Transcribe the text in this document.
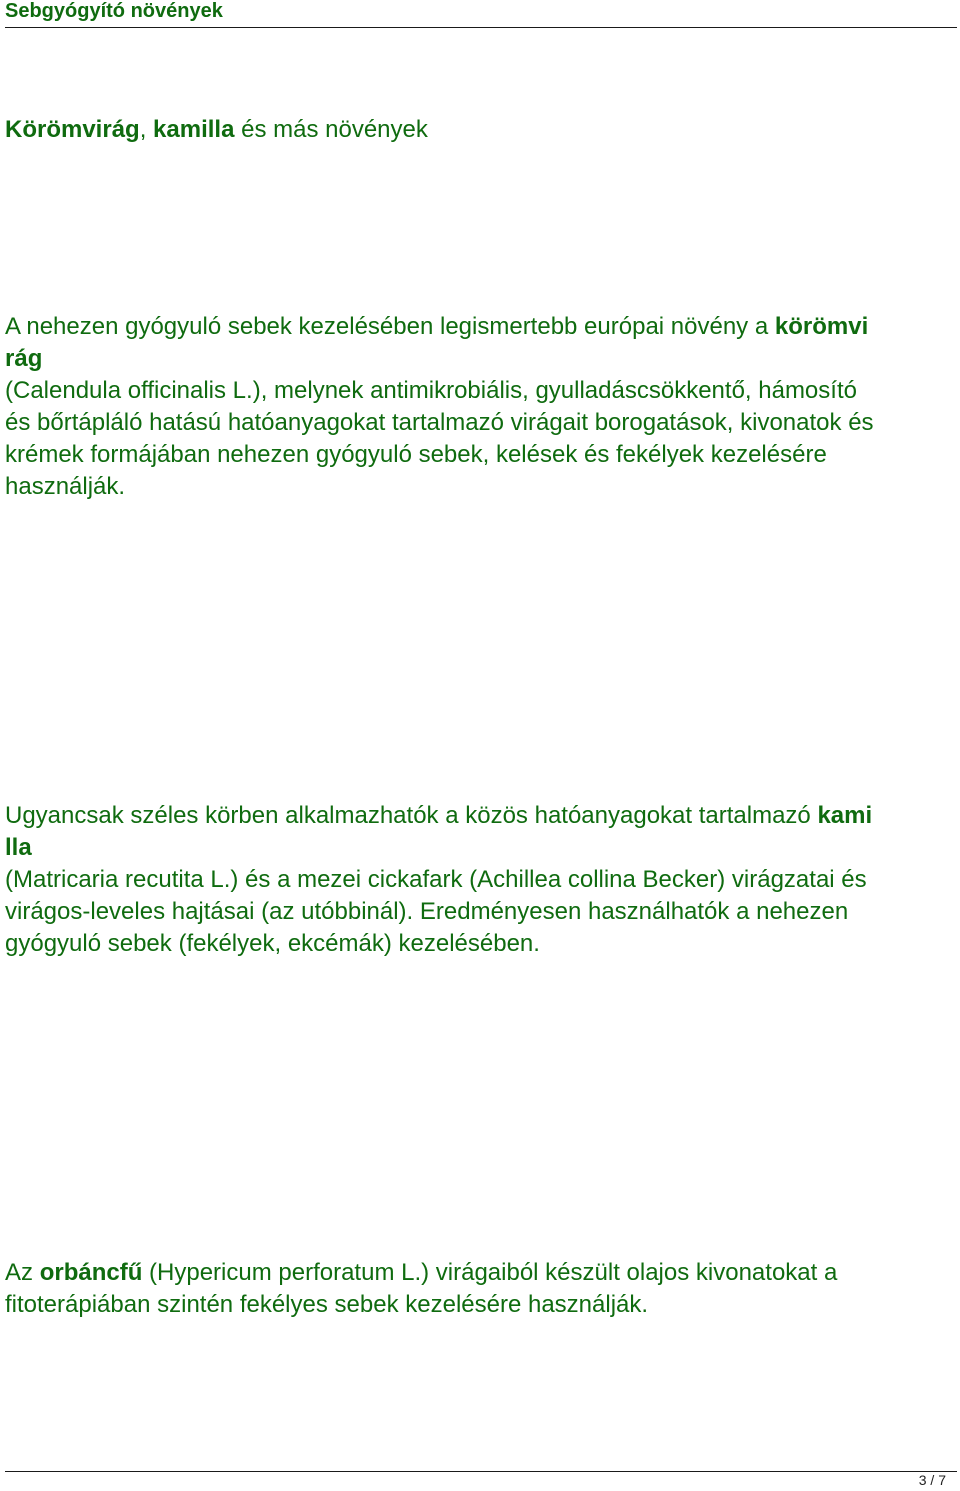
Sebgyógyító növények
Körömvirág, kamilla és más növények
A nehezen gyógyuló sebek kezelésében legismertebb európai növény a körömvi
rág
(Calendula officinalis L.), melynek antimikrobiális, gyulladáscsökkentő, hámosító
és bőrtápláló hatású hatóanyagokat tartalmazó virágait borogatások, kivonatok és
krémek formájában nehezen gyógyuló sebek, kelések és fekélyek kezelésére
használják.
Ugyancsak széles körben alkalmazhatók a közös hatóanyagokat tartalmazó kami
lla
(Matricaria recutita L.) és a mezei cickafark (Achillea collina Becker) virágzatai és
virágos-leveles hajtásai (az utóbbinál). Eredményesen használhatók a nehezen
gyógyuló sebek (fekélyek, ekcémák) kezelésében.
Az orbáncfű (Hypericum perforatum L.) virágaiból készült olajos kivonatokat a
fitoterápiában szintén fekélyes sebek kezelésére használják.
3 / 7
